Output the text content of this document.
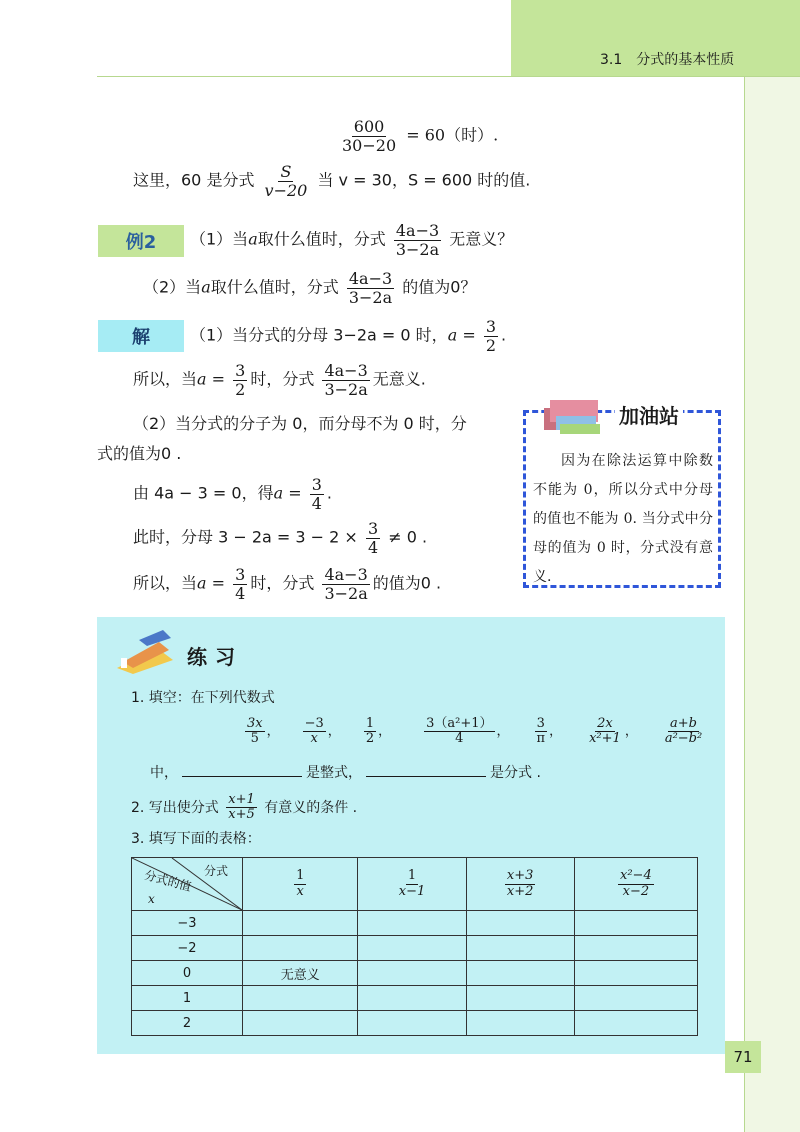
3.1 分式的基本性质
$\frac{600}{30-20} = 60$（时）.
这里，60 是分式 $\frac{S}{v-20}$ 当 v = 30，S = 600 时的值.
例2 （1）当a取什么值时，分式 $\frac{4a-3}{3-2a}$ 无意义？
（2）当a取什么值时，分式 $\frac{4a-3}{3-2a}$ 的值为0？
解	（1）当分式的分母 3−2a = 0 时，$a = \frac{3}{2}$ .
所以，当$a = \frac{3}{2}$ 时，分式 $\frac{4a-3}{3-2a}$ 无意义.
（2）当分式的分子为 0，而分母不为 0 时，分
式的值为0 .
由 4a − 3 = 0，得$a = \frac{3}{4}$ .
此时，分母 $3 - 2a = 3 - 2 \times \frac{3}{4} \ne 0$ .
所以，当$a = \frac{3}{4}$ 时，分式 $\frac{4a-3}{3-2a}$ 的值为0 .
加油站
因为在除法运算中除数不能为 0，所以分式中分母的值也不能为 0. 当分式中分母的值为 0 时，分式没有意义.
练习
1. 填空：在下列代数式
$\frac{3x}{5}$ ， $\frac{-3}{x}$ ， $\frac{1}{2}$ ，	$\frac{\text{3（a²+1）}}{4}$ ， $\frac{3}{\pi}$ ， $\frac{2x}{\text{x²+1}}$ ， $\frac{a+b}{\text{a²−b²}}$
中，	是整式，	是分式 .
2. 写出使分式 $\frac{x+1}{x+5}$ 有意义的条件 .
3. 填写下面的表格：
分式
分式的值
x	$\frac{1}{x}$	$\frac{1}{x-1}$	$\frac{x+3}{x+2}$	$\frac{\text{x²−4}}{x-2}$

−3				
−2				
0	无意义			
1				
2				
71
